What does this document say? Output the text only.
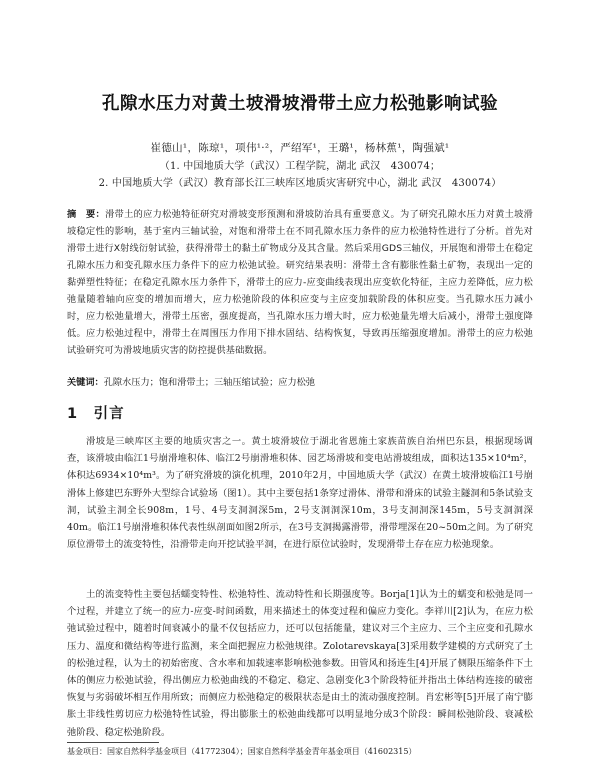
孔隙水压力对黄土坡滑坡滑带土应力松弛影响试验
崔德山¹，陈琼¹，项伟¹·²，严绍军¹，王璐¹，杨林蕉¹，陶强斌¹
（1. 中国地质大学（武汉）工程学院，湖北 武汉　430074；
2. 中国地质大学（武汉）教育部长江三峡库区地质灾害研究中心，湖北 武汉　430074）
摘　要：滑带土的应力松弛特征研究对滑坡变形预测和滑坡防治具有重要意义。为了研究孔隙水压力对黄土坡滑坡稳定性的影响，基于室内三轴试验，对饱和滑带土在不同孔隙水压力条件的应力松弛特性进行了分析。首先对滑带土进行X射线衍射试验，获得滑带土的黏土矿物成分及其含量。然后采用GDS三轴仪，开展饱和滑带土在稳定孔隙水压力和变孔隙水压力条件下的应力松弛试验。研究结果表明：滑带土含有膨胀性黏土矿物，表现出一定的黏弹塑性特征；在稳定孔隙水压力条件下，滑带土的应力-应变曲线表现出应变软化特征，主应力差降低，应力松弛量随着轴向应变的增加而增大，应力松弛阶段的体积应变与主应变加载阶段的体积应变。当孔隙水压力减小时，应力松弛量增大，滑带土压密，强度提高，当孔隙水压力增大时，应力松弛量先增大后减小，滑带土强度降低。应力松弛过程中，滑带土在周围压力作用下排水固结、结构恢复，导致再压缩强度增加。滑带土的应力松弛试验研究可为滑坡地质灾害的防控提供基础数据。
关键词：孔隙水压力；饱和滑带土；三轴压缩试验；应力松弛
1　引言
滑坡是三峡库区主要的地质灾害之一。黄土坡滑坡位于湖北省恩施土家族苗族自治州巴东县，根据现场调查，该滑坡由临江1号崩滑堆积体、临江2号崩滑堆积体、园艺场滑坡和变电站滑坡组成，面积达135×10⁴m²，体积达6934×10⁴m³。为了研究滑坡的演化机理，2010年2月，中国地质大学（武汉）在黄土坡滑坡临江1号崩滑体上修建巴东野外大型综合试验场（图1）。其中主要包括1条穿过滑体、滑带和滑床的试验主隧洞和5条试验支洞，试验主洞全长908m，1号、4号支洞洞深5m，2号支洞洞深10m，3号支洞洞深145m，5号支洞洞深40m。临江1号崩滑堆积体代表性纵剖面如图2所示，在3号支洞揭露滑带，滑带埋深在20~50m之间。为了研究原位滑带土的流变特性，沿滑带走向开挖试验平洞，在进行原位试验时，发现滑带土存在应力松弛现象。
土的流变特性主要包括蠕变特性、松弛特性、流动特性和长期强度等。Borja[1]认为土的蠕变和松弛是同一个过程，并建立了统一的应力-应变-时间函数，用来描述土的体变过程和偏应力变化。李祥川[2]认为，在应力松弛试验过程中，随着时间衰减小的量不仅包括应力，还可以包括能量，建议对三个主应力、三个主应变和孔隙水压力、温度和微结构等进行监测，来全面把握应力松弛规律。Zolotarevskaya[3]采用数学建模的方式研究了土的松弛过程，认为土的初始密度、含水率和加载速率影响松弛参数。田管风和扬连生[4]开展了侧限压缩条件下土体的侧应力松弛试验，得出侧应力松弛曲线的不稳定、稳定、急剧变化3个阶段特征并指出土体结构连接的破密恢复与劣弱破坏相互作用所致；而侧应力松弛稳定的极限状态是由土的流动强度控制。肖宏彬等[5]开展了南宁膨胀土非线性剪切应力松弛特性试验，得出膨胀土的松弛曲线都可以明显地分成3个阶段：瞬间松弛阶段、衰减松弛阶段、稳定松弛阶段。
基金项目：国家自然科学基金项目（41772304）；国家自然科学基金青年基金项目（41602315）
